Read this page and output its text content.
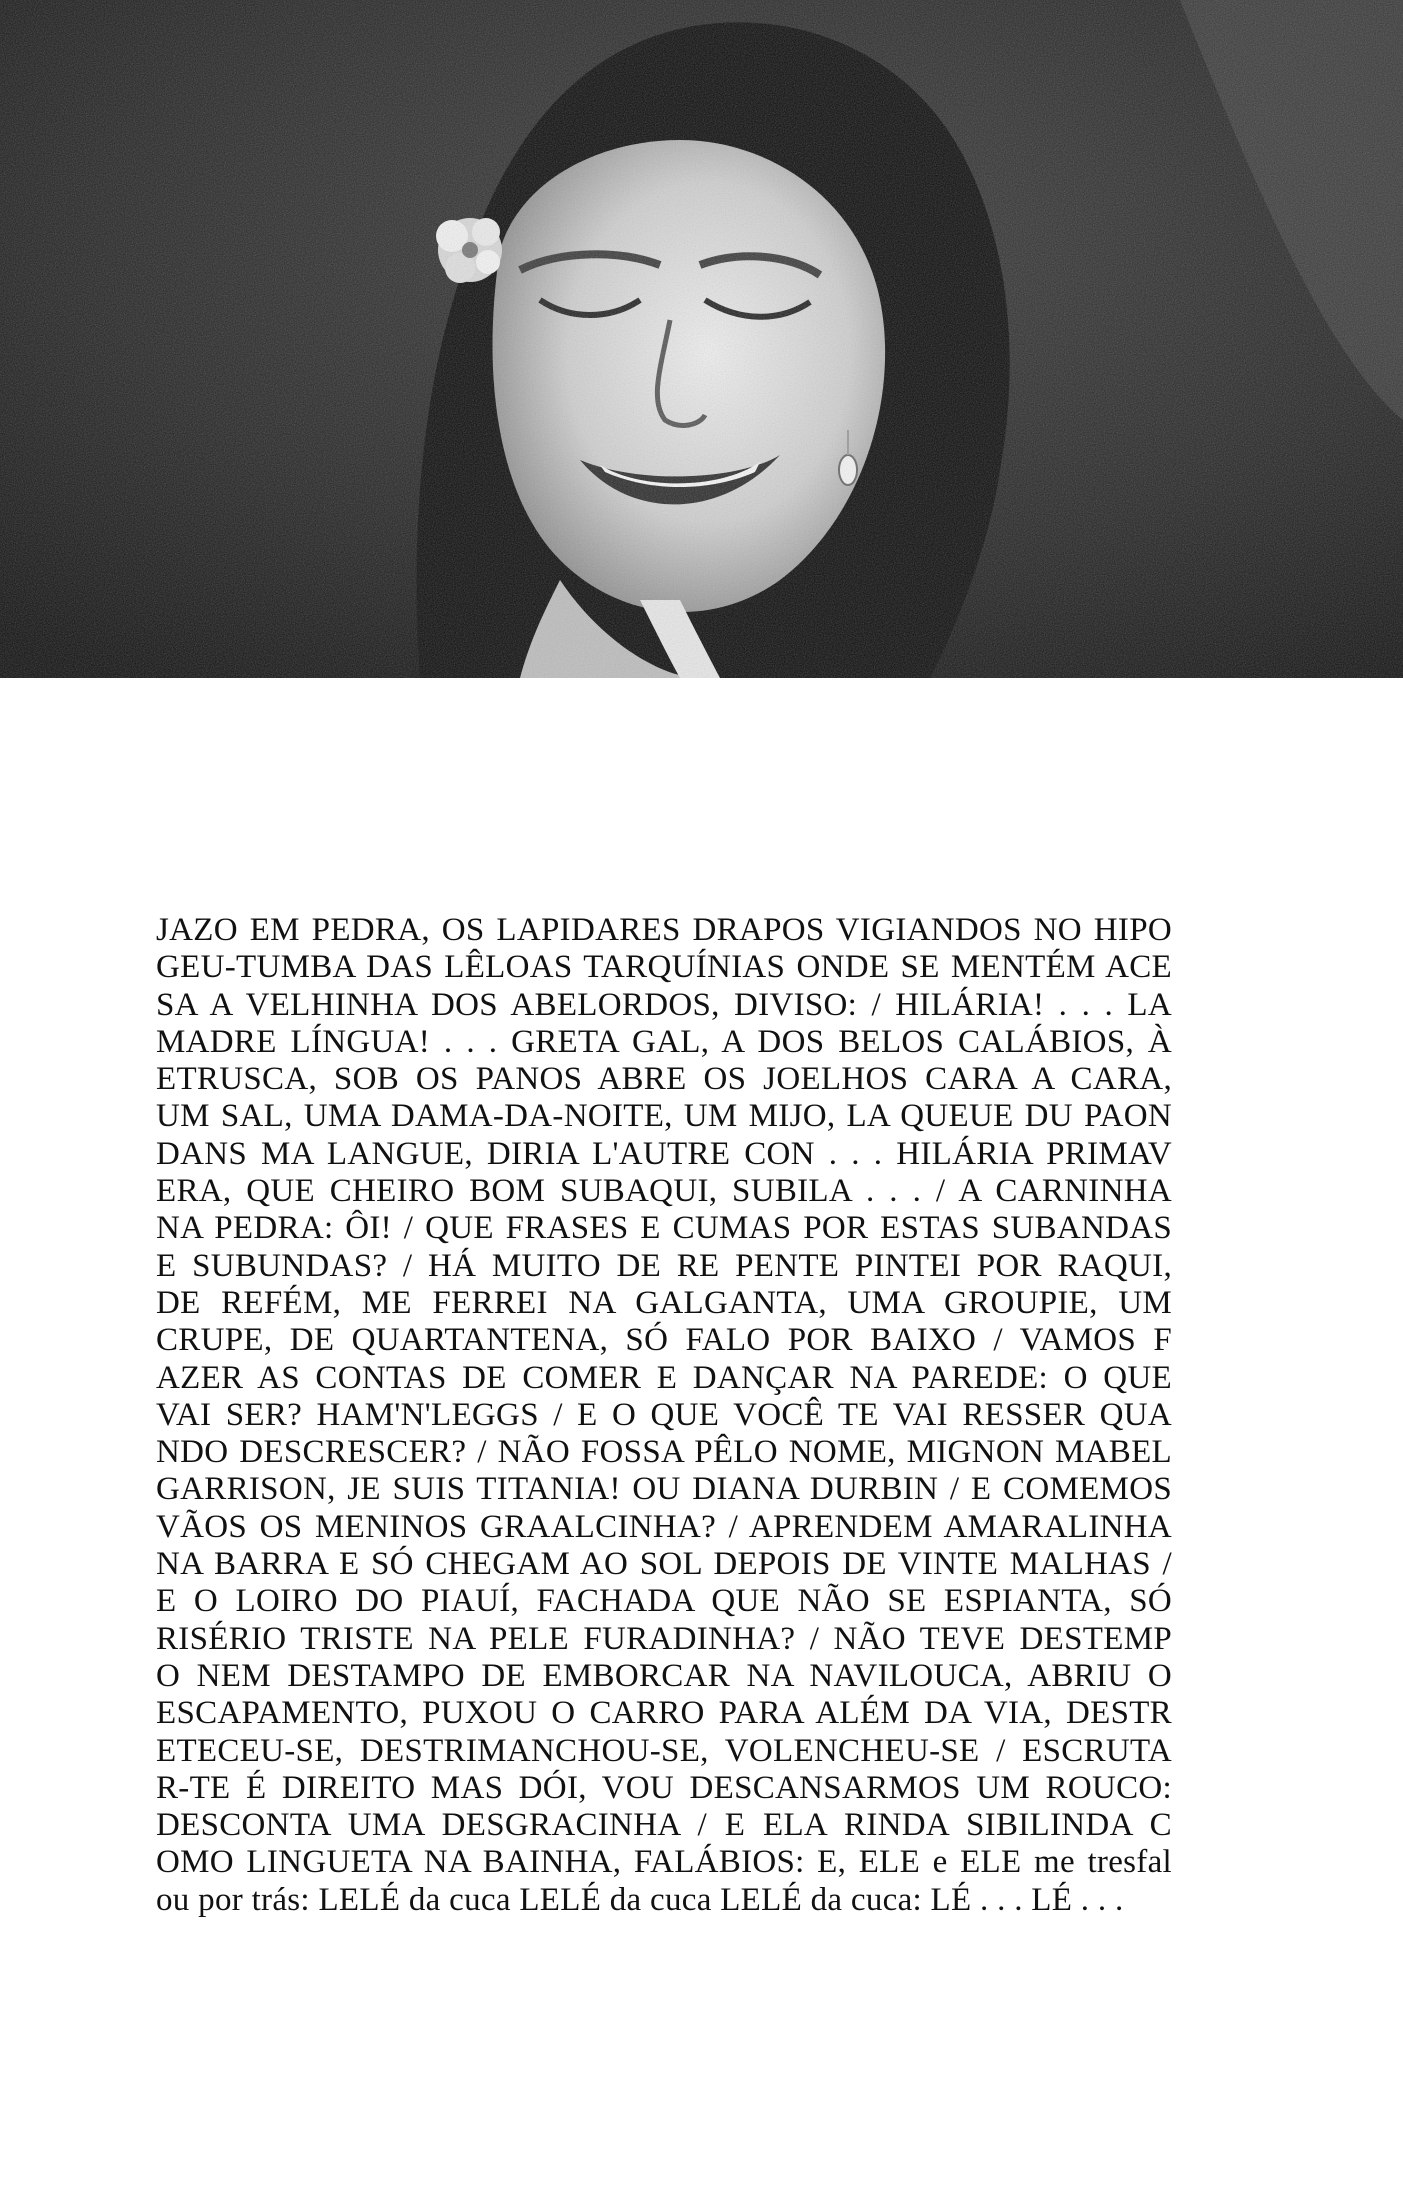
JAZO EM PEDRA, OS LAPIDARES DRAPOS VIGIANDOS NO HIPO
GEU-TUMBA DAS LÊLOAS TARQUÍNIAS ONDE SE MENTÉM ACE
SA A VELHINHA DOS ABELORDOS, DIVISO: / HILÁRIA! . . . LA
MADRE LÍNGUA! . . . GRETA GAL, A DOS BELOS CALÁBIOS, À
ETRUSCA, SOB OS PANOS ABRE OS JOELHOS CARA A CARA,
UM SAL, UMA DAMA-DA-NOITE, UM MIJO, LA QUEUE DU PAON
DANS MA LANGUE, DIRIA L'AUTRE CON . . . HILÁRIA PRIMAV
ERA, QUE CHEIRO BOM SUBAQUI, SUBILA . . . / A CARNINHA
NA PEDRA: ÔI! / QUE FRASES E CUMAS POR ESTAS SUBANDAS
E SUBUNDAS? / HÁ MUITO DE RE PENTE PINTEI POR RAQUI,
DE REFÉM, ME FERREI NA GALGANTA, UMA GROUPIE, UM
CRUPE, DE QUARTANTENA, SÓ FALO POR BAIXO / VAMOS F
AZER AS CONTAS DE COMER E DANÇAR NA PAREDE: O QUE
VAI SER? HAM'N'LEGGS / E O QUE VOCÊ TE VAI RESSER QUA
NDO DESCRESCER? / NÃO FOSSA PÊLO NOME, MIGNON MABEL
GARRISON, JE SUIS TITANIA! OU DIANA DURBIN / E COMEMOS
VÃOS OS MENINOS GRAALCINHA? / APRENDEM AMARALINHA
NA BARRA E SÓ CHEGAM AO SOL DEPOIS DE VINTE MALHAS /
E O LOIRO DO PIAUÍ, FACHADA QUE NÃO SE ESPIANTA, SÓ
RISÉRIO TRISTE NA PELE FURADINHA? / NÃO TEVE DESTEMP
O NEM DESTAMPO DE EMBORCAR NA NAVILOUCA, ABRIU O
ESCAPAMENTO, PUXOU O CARRO PARA ALÉM DA VIA, DESTR
ETECEU-SE, DESTRIMANCHOU-SE, VOLENCHEU-SE / ESCRUTA
R-TE É DIREITO MAS DÓI, VOU DESCANSARMOS UM ROUCO:
DESCONTA UMA DESGRACINHA / E ELA RINDA SIBILINDA C
OMO LINGUETA NA BAINHA, FALÁBIOS: E, ELE e ELE me tresfal
ou por trás: LELÉ da cuca LELÉ da cuca LELÉ da cuca: LÉ . . . LÉ . . .
